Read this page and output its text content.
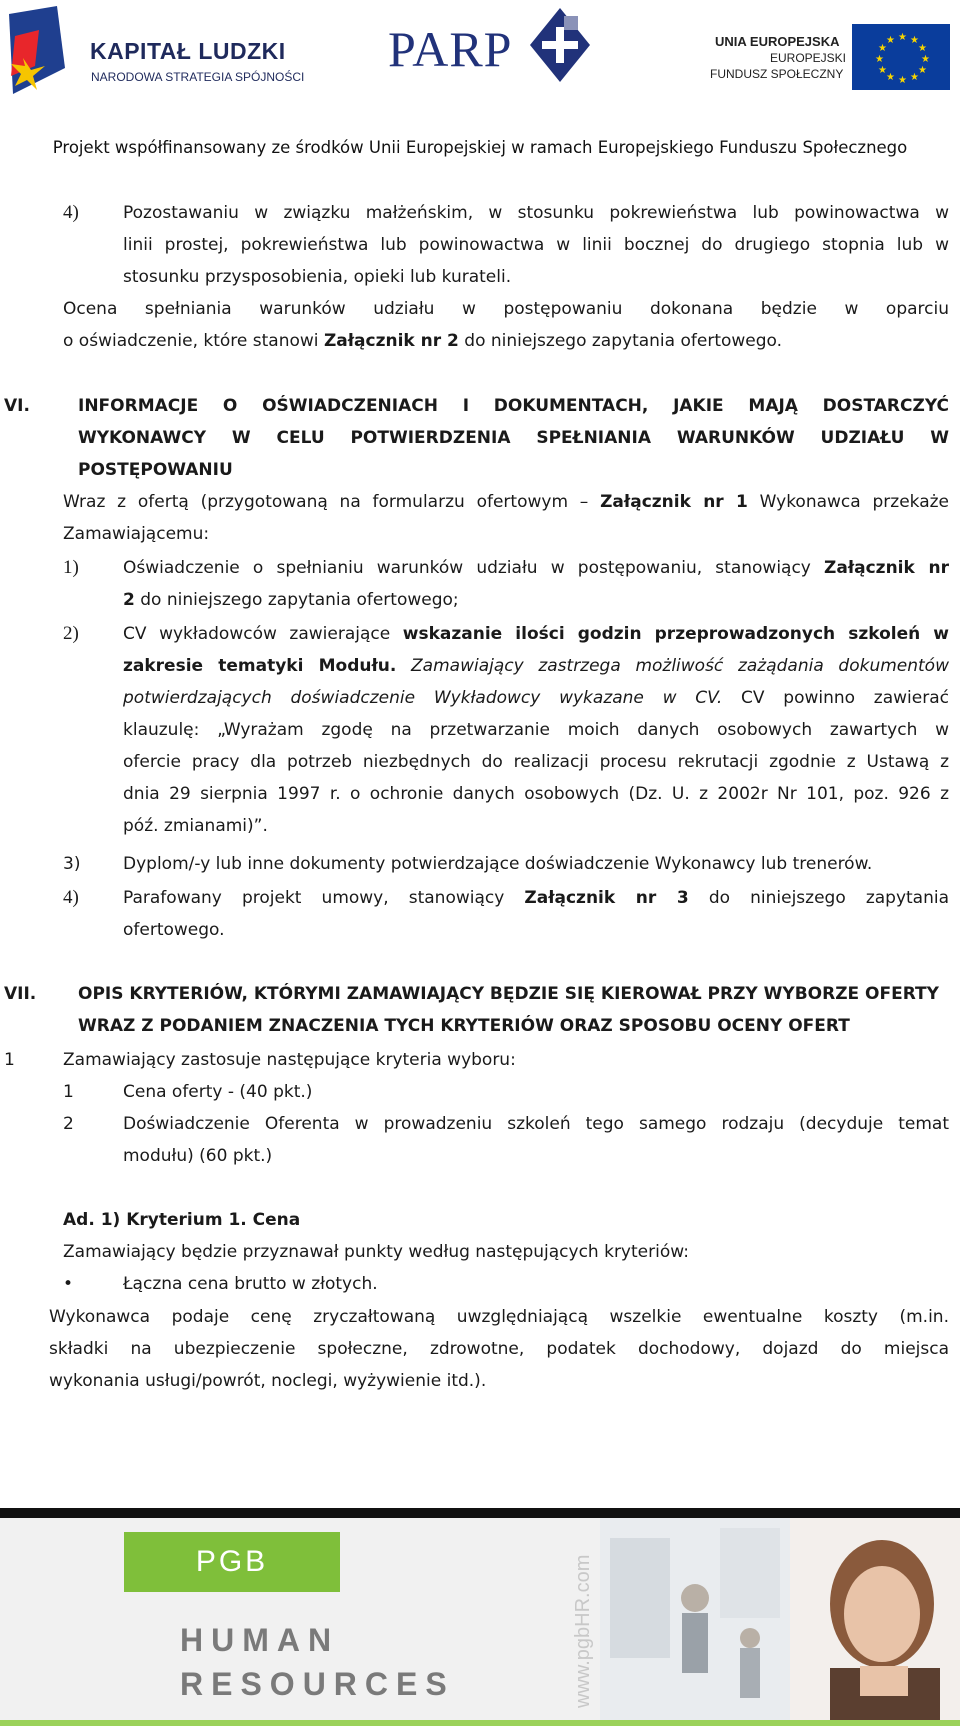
KAPITAŁ LUDZKI
NARODOWA STRATEGIA SPÓJNOŚCI PARP	UNIA EUROPEJSKA
EUROPEJSKI
FUNDUSZ SPOŁECZNY
★ ★
★
★
★
★
★
★
★
★
★
★
Projekt współfinansowany ze środków Unii Europejskiej w ramach Europejskiego Funduszu Społecznego
4)	Pozostawaniu w związku małżeńskim, w stosunku pokrewieństwa lub powinowactwa w
linii prostej, pokrewieństwa lub powinowactwa w linii bocznej do drugiego stopnia lub w
stosunku przysposobienia, opieki lub kurateli.
Ocena spełniania warunków udziału w postępowaniu dokonana będzie w oparciu
o oświadczenie, które stanowi Załącznik nr 2 do niniejszego zapytania ofertowego.
VI.	INFORMACJE O OŚWIADCZENIACH I DOKUMENTACH, JAKIE MAJĄ DOSTARCZYĆ
WYKONAWCY W CELU POTWIERDZENIA SPEŁNIANIA WARUNKÓW UDZIAŁU W
POSTĘPOWANIU
Wraz z ofertą (przygotowaną na formularzu ofertowym – Załącznik nr 1 Wykonawca przekaże
Zamawiającemu:
1)	Oświadczenie o spełnianiu warunków udziału w postępowaniu, stanowiący Załącznik nr
2 do niniejszego zapytania ofertowego;
2)	CV wykładowców zawierające wskazanie ilości godzin przeprowadzonych szkoleń w
zakresie tematyki Modułu. Zamawiający zastrzega możliwość zażądania dokumentów
potwierdzających doświadczenie Wykładowcy wykazane w CV. CV powinno zawierać
klauzulę: „Wyrażam zgodę na przetwarzanie moich danych osobowych zawartych w
ofercie pracy dla potrzeb niezbędnych do realizacji procesu rekrutacji zgodnie z Ustawą z
dnia 29 sierpnia 1997 r. o ochronie danych osobowych (Dz. U. z 2002r Nr 101, poz. 926 z
póź. zmianami)”.
3)	Dyplom/-y lub inne dokumenty potwierdzające doświadczenie Wykonawcy lub trenerów.
4)	Parafowany projekt umowy, stanowiący Załącznik nr 3 do niniejszego zapytania
ofertowego.
VII. OPIS KRYTERIÓW, KTÓRYMI ZAMAWIAJĄCY BĘDZIE SIĘ KIEROWAŁ PRZY WYBORZE OFERTY
WRAZ Z PODANIEM ZNACZENIA TYCH KRYTERIÓW ORAZ SPOSOBU OCENY OFERT
1	Zamawiający zastosuje następujące kryteria wyboru:
1	Cena oferty - (40 pkt.)
2	Doświadczenie Oferenta w prowadzeniu szkoleń tego samego rodzaju (decyduje temat
modułu) (60 pkt.)
Ad. 1) Kryterium 1. Cena
Zamawiający będzie przyznawał punkty według następujących kryteriów:
•	Łączna cena brutto w złotych.
Wykonawca podaje cenę zryczałtowaną uwzględniającą wszelkie ewentualne koszty (m.in.
składki na ubezpieczenie społeczne, zdrowotne, podatek dochodowy, dojazd do miejsca
wykonania usługi/powrót, noclegi, wyżywienie itd.).
PGB
HUMAN
RESOURCES	www.pgbHR.com
